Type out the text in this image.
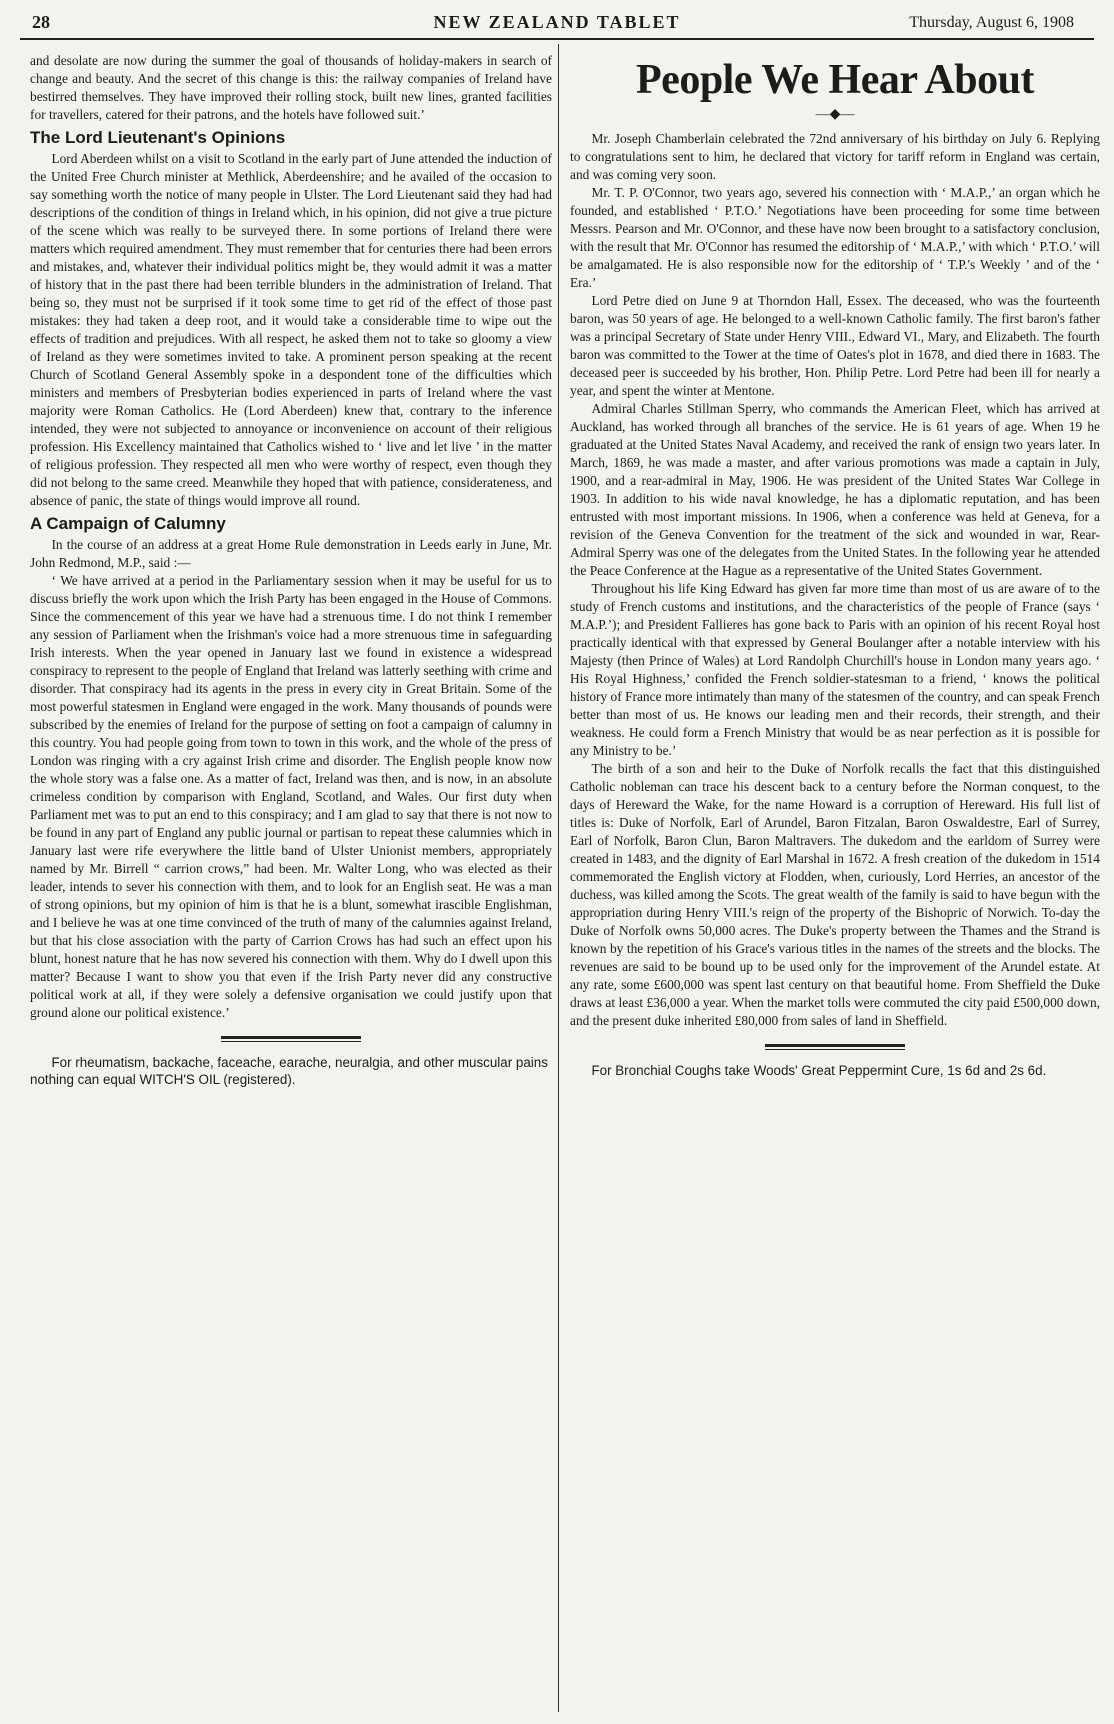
28	NEW ZEALAND TABLET	Thursday, August 6, 1908

and desolate are now during the summer the goal of thousands of holiday-makers in search of change and beauty. And the secret of this change is this: the railway companies of Ireland have bestirred themselves. They have improved their rolling stock, built new lines, granted facilities for travellers, catered for their patrons, and the hotels have followed suit.’

The Lord Lieutenant's Opinions

Lord Aberdeen whilst on a visit to Scotland in the early part of June attended the induction of the United Free Church minister at Methlick, Aberdeenshire; and he availed of the occasion to say something worth the notice of many people in Ulster. The Lord Lieutenant said they had had descriptions of the condition of things in Ireland which, in his opinion, did not give a true picture of the scene which was really to be surveyed there. In some portions of Ireland there were matters which required amendment. They must remember that for centuries there had been errors and mistakes, and, whatever their individual politics might be, they would admit it was a matter of history that in the past there had been terrible blunders in the administration of Ireland. That being so, they must not be surprised if it took some time to get rid of the effect of those past mistakes: they had taken a deep root, and it would take a considerable time to wipe out the effects of tradition and prejudices. With all respect, he asked them not to take so gloomy a view of Ireland as they were sometimes invited to take. A prominent person speaking at the recent Church of Scotland General Assembly spoke in a despondent tone of the difficulties which ministers and members of Presbyterian bodies experienced in parts of Ireland where the vast majority were Roman Catholics. He (Lord Aberdeen) knew that, contrary to the inference intended, they were not subjected to annoyance or inconvenience on account of their religious profession. His Excellency maintained that Catholics wished to ‘ live and let live ’ in the matter of religious profession. They respected all men who were worthy of respect, even though they did not belong to the same creed. Meanwhile they hoped that with patience, considerateness, and absence of panic, the state of things would improve all round.

A Campaign of Calumny

In the course of an address at a great Home Rule demonstration in Leeds early in June, Mr. John Redmond, M.P., said :—

‘ We have arrived at a period in the Parliamentary session when it may be useful for us to discuss briefly the work upon which the Irish Party has been engaged in the House of Commons. Since the commencement of this year we have had a strenuous time. I do not think I remember any session of Parliament when the Irishman's voice had a more strenuous time in safeguarding Irish interests. When the year opened in January last we found in existence a widespread conspiracy to represent to the people of England that Ireland was latterly seething with crime and disorder. That conspiracy had its agents in the press in every city in Great Britain. Some of the most powerful statesmen in England were engaged in the work. Many thousands of pounds were subscribed by the enemies of Ireland for the purpose of setting on foot a campaign of calumny in this country. You had people going from town to town in this work, and the whole of the press of London was ringing with a cry against Irish crime and disorder. The English people know now the whole story was a false one. As a matter of fact, Ireland was then, and is now, in an absolute crimeless condition by comparison with England, Scotland, and Wales. Our first duty when Parliament met was to put an end to this conspiracy; and I am glad to say that there is not now to be found in any part of England any public journal or partisan to repeat these calumnies which in January last were rife everywhere the little band of Ulster Unionist members, appropriately named by Mr. Birrell “ carrion crows,” had been. Mr. Walter Long, who was elected as their leader, intends to sever his connection with them, and to look for an English seat. He was a man of strong opinions, but my opinion of him is that he is a blunt, somewhat irascible Englishman, and I believe he was at one time convinced of the truth of many of the calumnies against Ireland, but that his close association with the party of Carrion Crows has had such an effect upon his blunt, honest nature that he has now severed his connection with them. Why do I dwell upon this matter? Because I want to show you that even if the Irish Party never did any constructive political work at all, if they were solely a defensive organisation we could justify upon that ground alone our political existence.’

For rheumatism, backache, faceache, earache, neuralgia, and other muscular pains nothing can equal WITCH'S OIL (registered).

People We Hear About
—◆—

Mr. Joseph Chamberlain celebrated the 72nd anniversary of his birthday on July 6. Replying to congratulations sent to him, he declared that victory for tariff reform in England was certain, and was coming very soon.

Mr. T. P. O'Connor, two years ago, severed his connection with ‘ M.A.P.,’ an organ which he founded, and established ‘ P.T.O.’ Negotiations have been proceeding for some time between Messrs. Pearson and Mr. O'Connor, and these have now been brought to a satisfactory conclusion, with the result that Mr. O'Connor has resumed the editorship of ‘ M.A.P.,’ with which ‘ P.T.O.’ will be amalgamated. He is also responsible now for the editorship of ‘ T.P.'s Weekly ’ and of the ‘ Era.’

Lord Petre died on June 9 at Thorndon Hall, Essex. The deceased, who was the fourteenth baron, was 50 years of age. He belonged to a well-known Catholic family. The first baron's father was a principal Secretary of State under Henry VIII., Edward VI., Mary, and Elizabeth. The fourth baron was committed to the Tower at the time of Oates's plot in 1678, and died there in 1683. The deceased peer is succeeded by his brother, Hon. Philip Petre. Lord Petre had been ill for nearly a year, and spent the winter at Mentone.

Admiral Charles Stillman Sperry, who commands the American Fleet, which has arrived at Auckland, has worked through all branches of the service. He is 61 years of age. When 19 he graduated at the United States Naval Academy, and received the rank of ensign two years later. In March, 1869, he was made a master, and after various promotions was made a captain in July, 1900, and a rear-admiral in May, 1906. He was president of the United States War College in 1903. In addition to his wide naval knowledge, he has a diplomatic reputation, and has been entrusted with most important missions. In 1906, when a conference was held at Geneva, for a revision of the Geneva Convention for the treatment of the sick and wounded in war, Rear-Admiral Sperry was one of the delegates from the United States. In the following year he attended the Peace Conference at the Hague as a representative of the United States Government.

Throughout his life King Edward has given far more time than most of us are aware of to the study of French customs and institutions, and the characteristics of the people of France (says ‘ M.A.P.’); and President Fallieres has gone back to Paris with an opinion of his recent Royal host practically identical with that expressed by General Boulanger after a notable interview with his Majesty (then Prince of Wales) at Lord Randolph Churchill's house in London many years ago. ‘ His Royal Highness,’ confided the French soldier-statesman to a friend, ‘ knows the political history of France more intimately than many of the statesmen of the country, and can speak French better than most of us. He knows our leading men and their records, their strength, and their weakness. He could form a French Ministry that would be as near perfection as it is possible for any Ministry to be.’

The birth of a son and heir to the Duke of Norfolk recalls the fact that this distinguished Catholic nobleman can trace his descent back to a century before the Norman conquest, to the days of Hereward the Wake, for the name Howard is a corruption of Hereward. His full list of titles is: Duke of Norfolk, Earl of Arundel, Baron Fitzalan, Baron Oswaldestre, Earl of Surrey, Earl of Norfolk, Baron Clun, Baron Maltravers. The dukedom and the earldom of Surrey were created in 1483, and the dignity of Earl Marshal in 1672. A fresh creation of the dukedom in 1514 commemorated the English victory at Flodden, when, curiously, Lord Herries, an ancestor of the duchess, was killed among the Scots. The great wealth of the family is said to have begun with the appropriation during Henry VIII.'s reign of the property of the Bishopric of Norwich. To-day the Duke of Norfolk owns 50,000 acres. The Duke's property between the Thames and the Strand is known by the repetition of his Grace's various titles in the names of the streets and the blocks. The revenues are said to be bound up to be used only for the improvement of the Arundel estate. At any rate, some £600,000 was spent last century on that beautiful home. From Sheffield the Duke draws at least £36,000 a year. When the market tolls were commuted the city paid £500,000 down, and the present duke inherited £80,000 from sales of land in Sheffield.

For Bronchial Coughs take Woods' Great Peppermint Cure, 1s 6d and 2s 6d.
